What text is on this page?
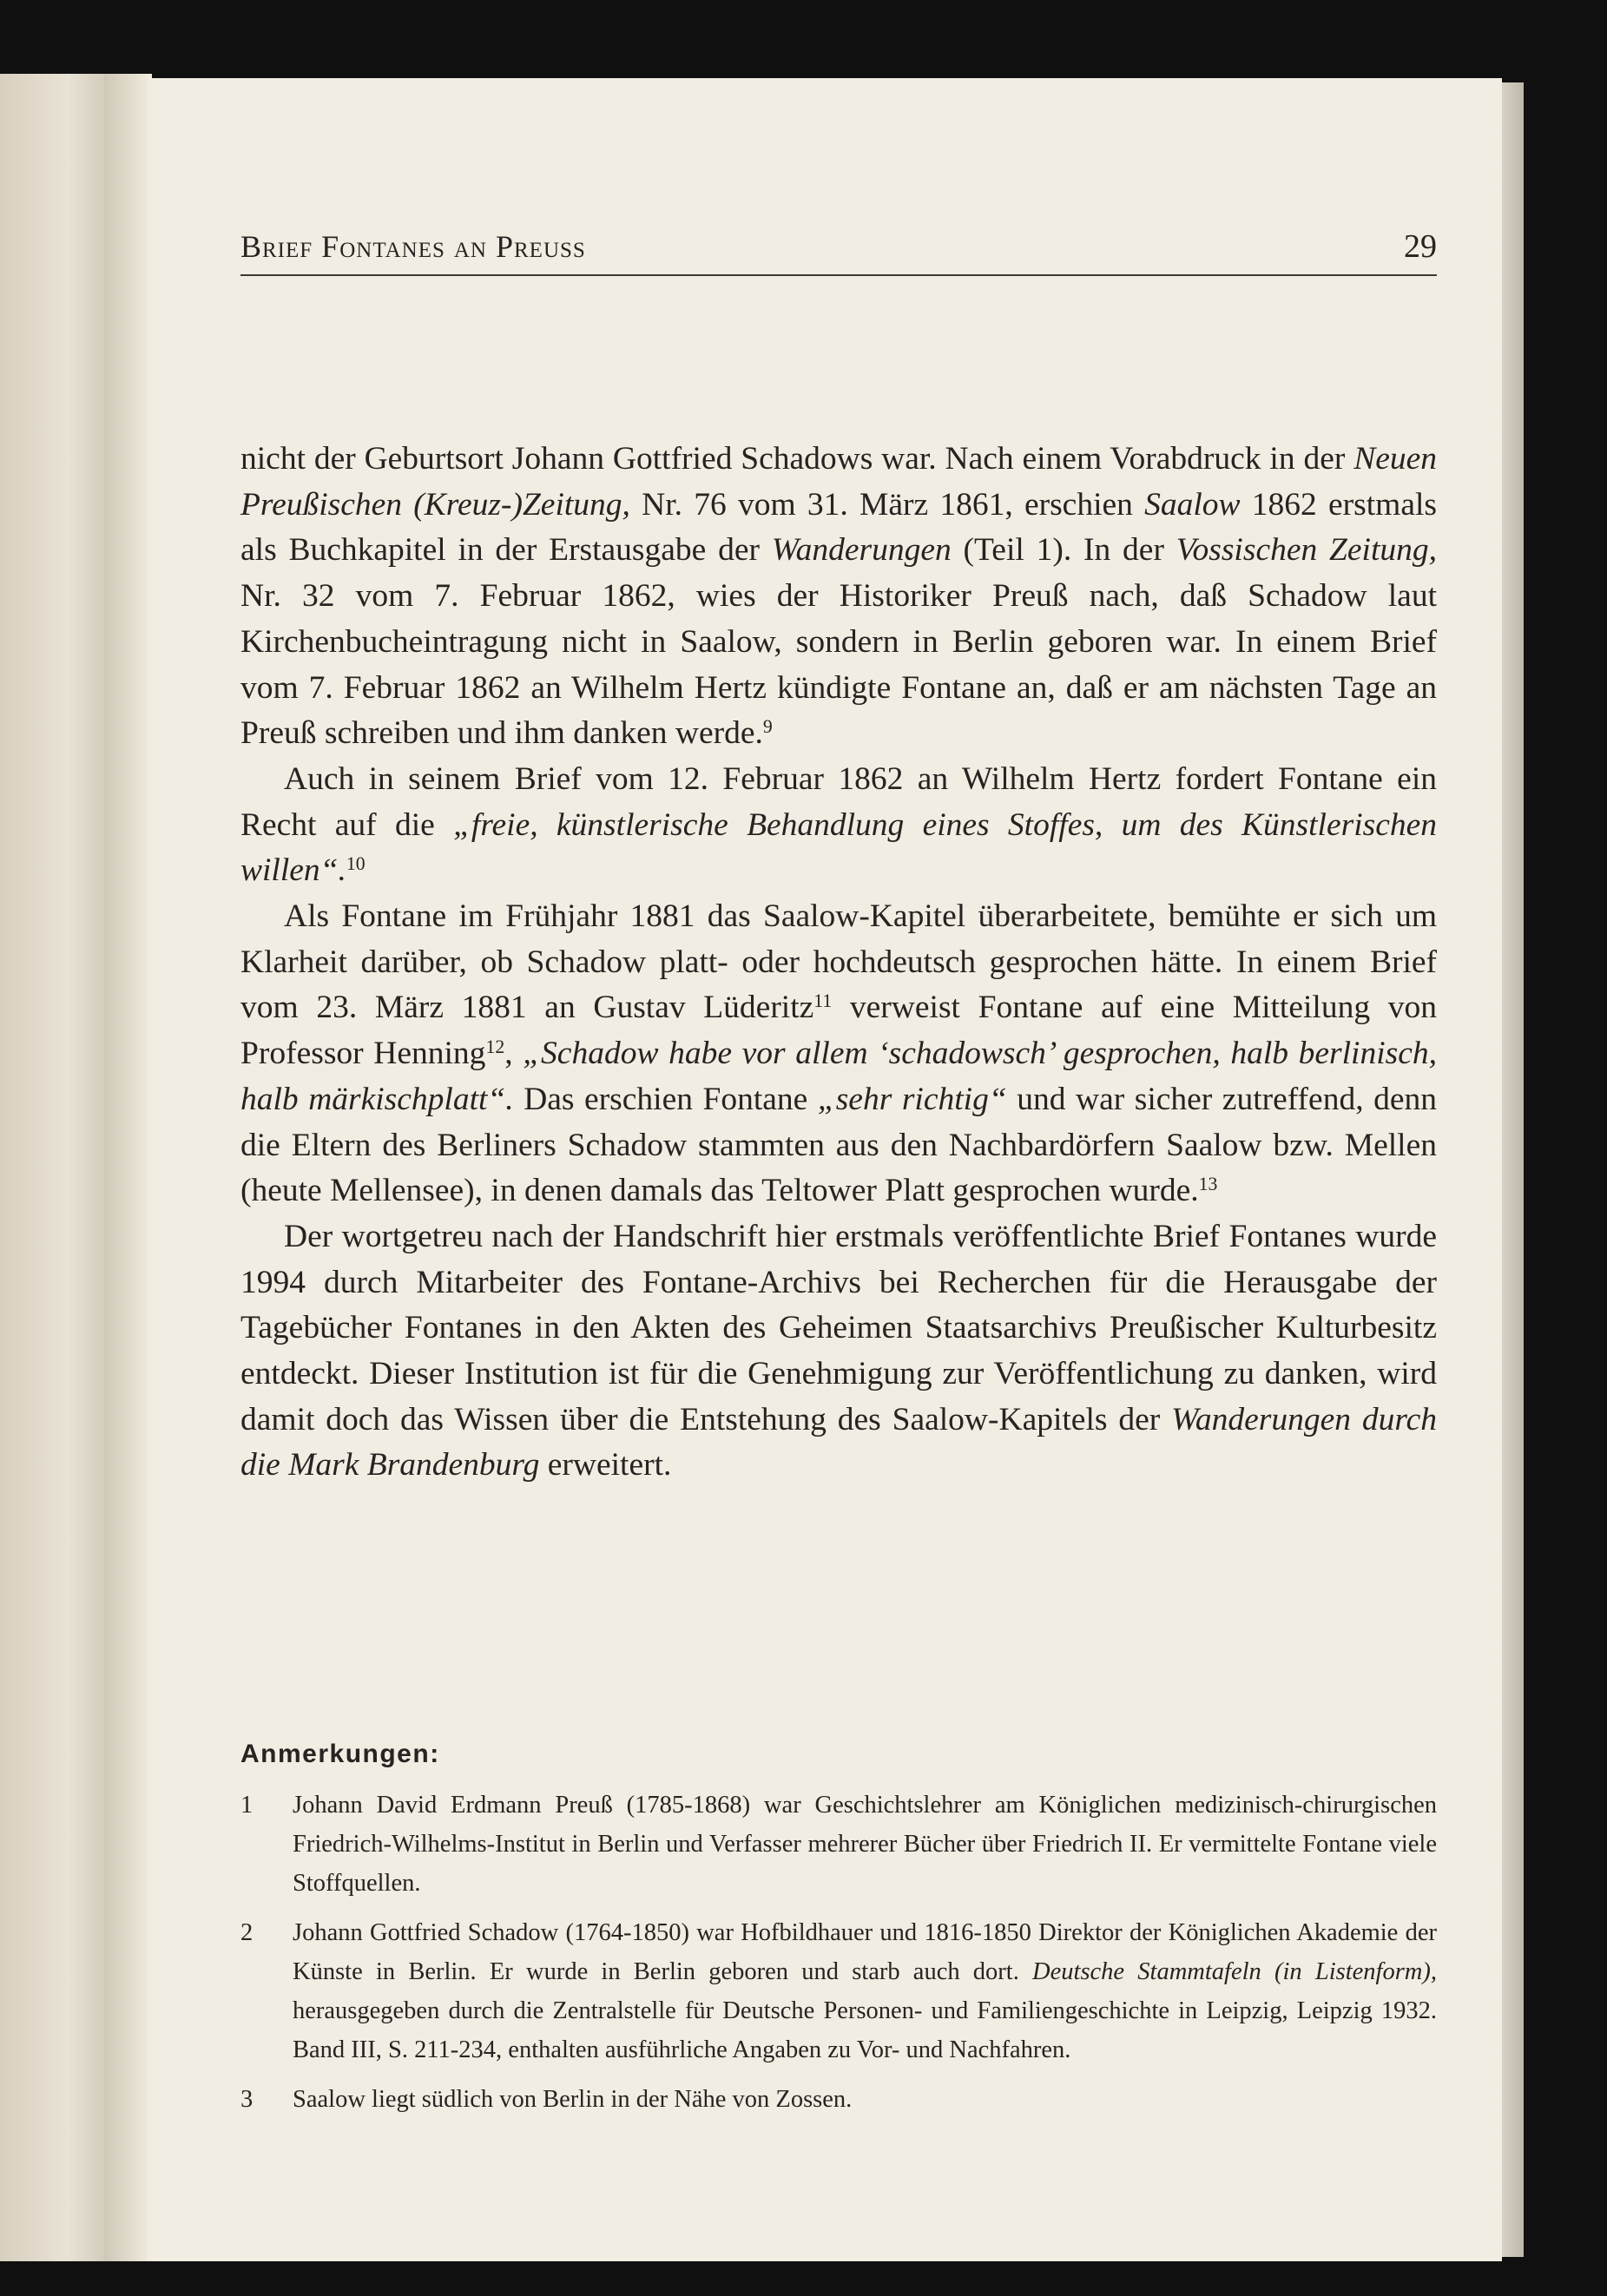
Brief Fontanes an Preuss	29

nicht der Geburtsort Johann Gottfried Schadows war. Nach einem Vorabdruck in der Neuen Preußischen (Kreuz-)Zeitung, Nr. 76 vom 31. März 1861, erschien Saalow 1862 erstmals als Buchkapitel in der Erstausgabe der Wanderungen (Teil 1). In der Vossischen Zeitung, Nr. 32 vom 7. Februar 1862, wies der Historiker Preuß nach, daß Schadow laut Kirchenbucheintragung nicht in Saalow, sondern in Berlin geboren war. In einem Brief vom 7. Februar 1862 an Wilhelm Hertz kündigte Fontane an, daß er am nächsten Tage an Preuß schreiben und ihm danken werde.$^9$

Auch in seinem Brief vom 12. Februar 1862 an Wilhelm Hertz fordert Fontane ein Recht auf die „freie, künstlerische Behandlung eines Stoffes, um des Künstlerischen willen“.$^{10}$

Als Fontane im Frühjahr 1881 das Saalow-Kapitel überarbeitete, bemühte er sich um Klarheit darüber, ob Schadow platt- oder hochdeutsch gesprochen hätte. In einem Brief vom 23. März 1881 an Gustav Lüderitz$^{11}$ verweist Fontane auf eine Mitteilung von Professor Henning$^{12}$, „Schadow habe vor allem ‘schadowsch’ gesprochen, halb berlinisch, halb märkischplatt“. Das erschien Fontane „sehr richtig“ und war sicher zutreffend, denn die Eltern des Berliners Schadow stammten aus den Nachbardörfern Saalow bzw. Mellen (heute Mellensee), in denen damals das Teltower Platt gesprochen wurde.$^{13}$

Der wortgetreu nach der Handschrift hier erstmals veröffentlichte Brief Fontanes wurde 1994 durch Mitarbeiter des Fontane-Archivs bei Recherchen für die Herausgabe der Tagebücher Fontanes in den Akten des Geheimen Staatsarchivs Preußischer Kulturbesitz entdeckt. Dieser Institution ist für die Genehmigung zur Veröffentlichung zu danken, wird damit doch das Wissen über die Entstehung des Saalow-Kapitels der Wanderungen durch die Mark Brandenburg erweitert.

Anmerkungen:
1	Johann David Erdmann Preuß (1785-1868) war Geschichtslehrer am Königlichen medizinisch-chirurgischen Friedrich-Wilhelms-Institut in Berlin und Verfasser mehrerer Bücher über Friedrich II. Er vermittelte Fontane viele Stoffquellen.
2	Johann Gottfried Schadow (1764-1850) war Hofbildhauer und 1816-1850 Direktor der Königlichen Akademie der Künste in Berlin. Er wurde in Berlin geboren und starb auch dort. Deutsche Stammtafeln (in Listenform), herausgegeben durch die Zentralstelle für Deutsche Personen- und Familiengeschichte in Leipzig, Leipzig 1932. Band III, S. 211-234, enthalten ausführliche Angaben zu Vor- und Nachfahren.
3	Saalow liegt südlich von Berlin in der Nähe von Zossen.
